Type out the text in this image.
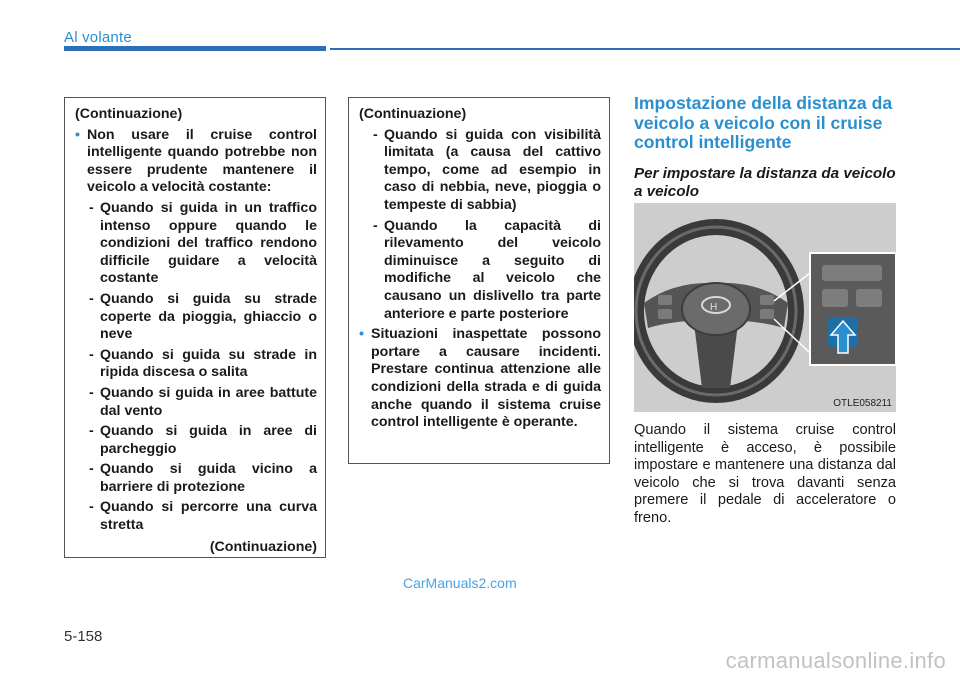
Al volante
(Continuazione)
• Non usare il cruise control intelligente quando potrebbe non essere prudente mantenere il veicolo a velocità costante:
- Quando si guida in un traffico intenso oppure quando le condizioni del traffico rendono difficile guidare a velocità costante
- Quando si guida su strade coperte da pioggia, ghiaccio o neve
- Quando si guida su strade in ripida discesa o salita
- Quando si guida in aree battute dal vento
- Quando si guida in aree di parcheggio
- Quando si guida vicino a barriere di protezione
- Quando si percorre una curva stretta
(Continuazione)
(Continuazione)
- Quando si guida con visibilità limitata (a causa del cattivo tempo, come ad esempio in caso di nebbia, neve, pioggia o tempeste di sabbia)
- Quando la capacità di rilevamento del veicolo diminuisce a seguito di modifiche al veicolo che causano un dislivello tra parte anteriore e parte posteriore
• Situazioni inaspettate possono portare a causare incidenti. Prestare continua attenzione alle condizioni della strada e di guida anche quando il sistema cruise control intelligente è operante.
Impostazione della distanza da veicolo a veicolo con il cruise control intelligente
Per impostare la distanza da veicolo a veicolo
H
OTLE058211
Quando il sistema cruise control intelligente è acceso, è possibile impostare e mantenere una distanza dal veicolo che si trova davanti senza premere il pedale di acceleratore o freno.
CarManuals2.com
5-158
carmanualsonline.info
